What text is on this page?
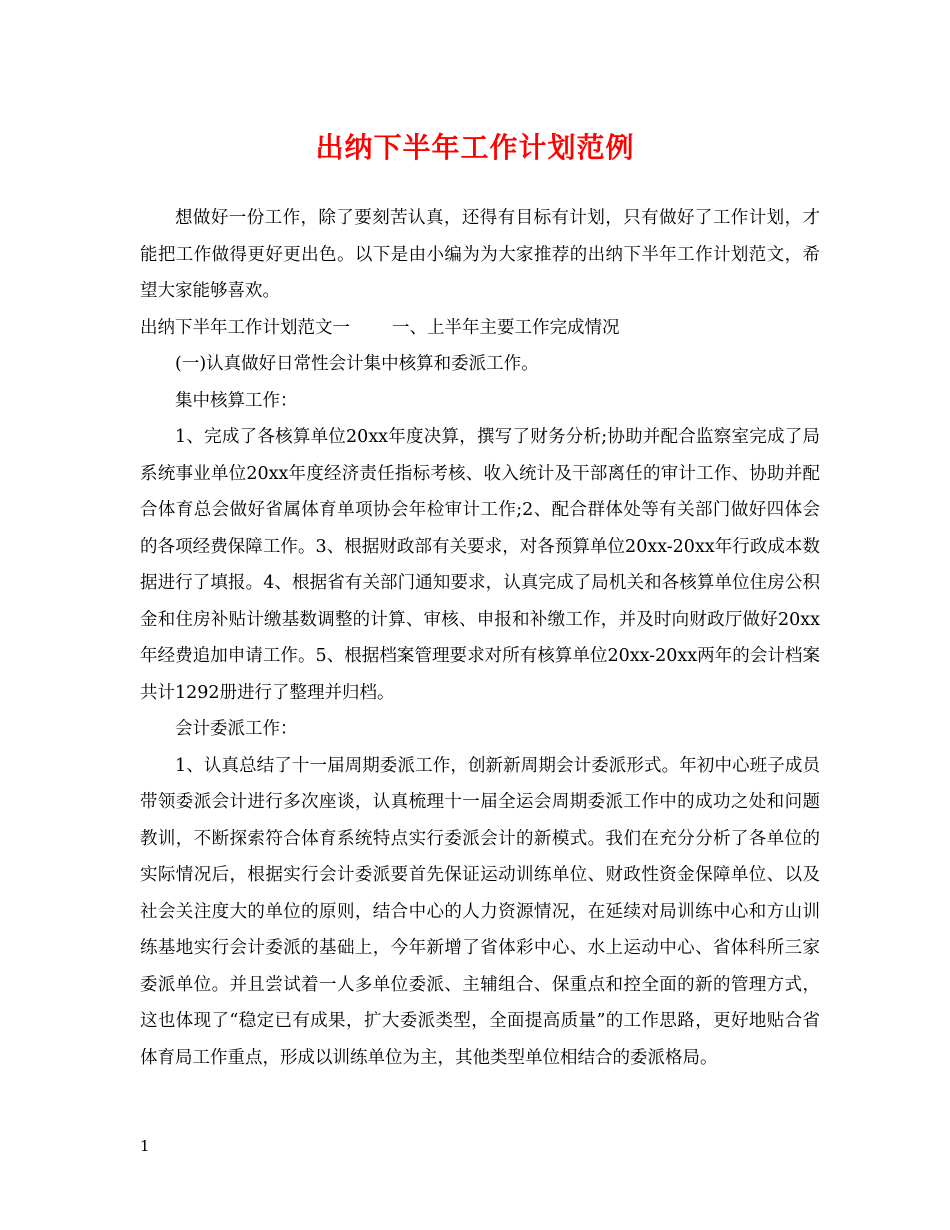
出纳下半年工作计划范例

想做好一份工作，除了要刻苦认真，还得有目标有计划，只有做好了工作计划，才能把工作做得更好更出色。以下是由小编为为大家推荐的出纳下半年工作计划范文，希望大家能够喜欢。

出纳下半年工作计划范文一 一、上半年主要工作完成情况

(一)认真做好日常性会计集中核算和委派工作。

集中核算工作：

1、完成了各核算单位20xx年度决算，撰写了财务分析;协助并配合监察室完成了局系统事业单位20xx年度经济责任指标考核、收入统计及干部离任的审计工作、协助并配合体育总会做好省属体育单项协会年检审计工作;2、配合群体处等有关部门做好四体会的各项经费保障工作。3、根据财政部有关要求，对各预算单位20xx-20xx年行政成本数据进行了填报。4、根据省有关部门通知要求，认真完成了局机关和各核算单位住房公积金和住房补贴计缴基数调整的计算、审核、申报和补缴工作，并及时向财政厅做好20xx年经费追加申请工作。5、根据档案管理要求对所有核算单位20xx-20xx两年的会计档案共计1292册进行了整理并归档。

会计委派工作：

1、认真总结了十一届周期委派工作，创新新周期会计委派形式。年初中心班子成员带领委派会计进行多次座谈，认真梳理十一届全运会周期委派工作中的成功之处和问题教训，不断探索符合体育系统特点实行委派会计的新模式。我们在充分分析了各单位的实际情况后，根据实行会计委派要首先保证运动训练单位、财政性资金保障单位、以及社会关注度大的单位的原则，结合中心的人力资源情况，在延续对局训练中心和方山训练基地实行会计委派的基础上，今年新增了省体彩中心、水上运动中心、省体科所三家委派单位。并且尝试着一人多单位委派、主辅组合、保重点和控全面的新的管理方式，这也体现了“稳定已有成果，扩大委派类型，全面提高质量”的工作思路，更好地贴合省体育局工作重点，形成以训练单位为主，其他类型单位相结合的委派格局。

1
